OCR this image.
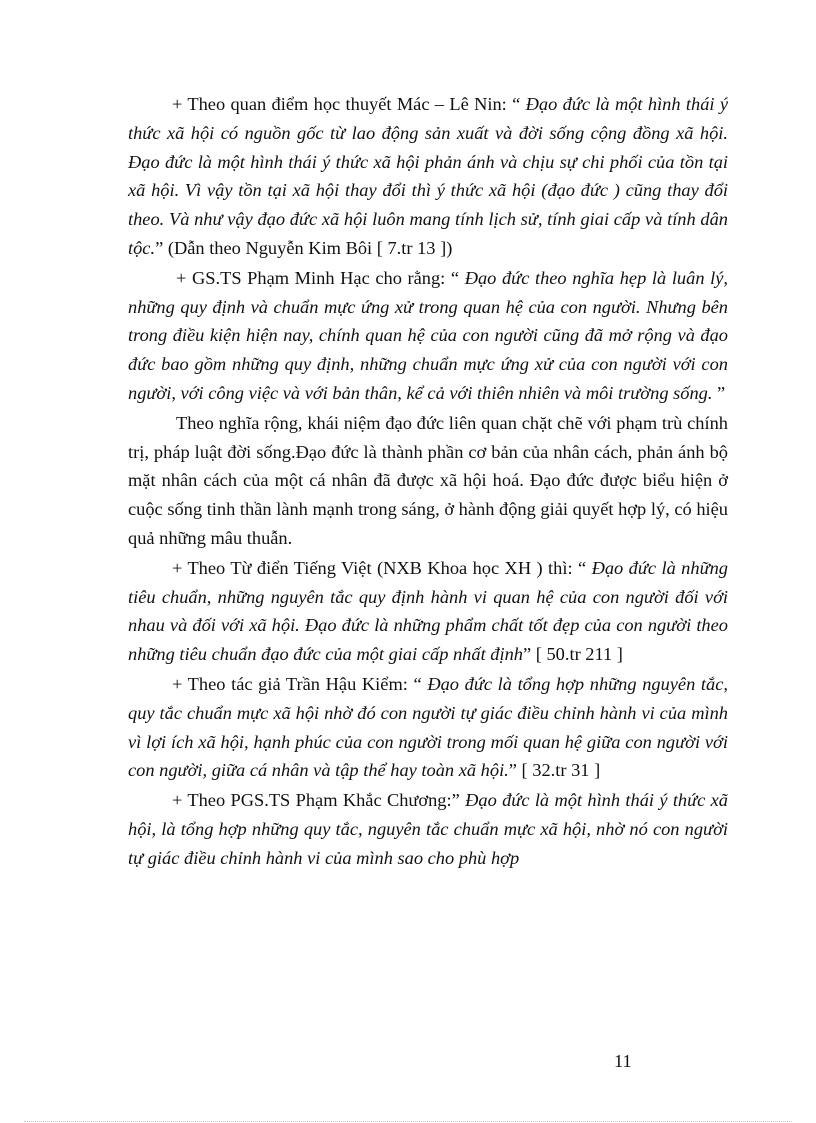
+ Theo quan điểm học thuyết Mác – Lê Nin: “ Đạo đức là một hình thái ý thức xã hội có nguồn gốc từ lao động sản xuất và đời sống cộng đồng xã hội. Đạo đức là một hình thái ý thức xã hội phản ánh và chịu sự chi phối của tồn tại xã hội. Vì vậy tồn tại xã hội thay đổi thì ý thức xã hội (đạo đức ) cũng thay đổi theo. Và như vậy đạo đức xã hội luôn mang tính lịch sử, tính giai cấp và tính dân tộc.” (Dẫn theo Nguyễn Kim Bôi [ 7.tr 13 ])

+ GS.TS Phạm Minh Hạc cho rằng: “ Đạo đức theo nghĩa hẹp là luân lý, những quy định và chuẩn mực ứng xử trong quan hệ của con người. Nhưng bên trong điều kiện hiện nay, chính quan hệ của con người cũng đã mở rộng và đạo đức bao gồm những quy định, những chuẩn mực ứng xử của con người với con người, với công việc và với bản thân, kể cả với thiên nhiên và môi trường sống. ”

Theo nghĩa rộng, khái niệm đạo đức liên quan chặt chẽ với phạm trù chính trị, pháp luật đời sống.Đạo đức là thành phần cơ bản của nhân cách, phản ánh bộ mặt nhân cách của một cá nhân đã được xã hội hoá. Đạo đức được biểu hiện ở cuộc sống tinh thần lành mạnh trong sáng, ở hành động giải quyết hợp lý, có hiệu quả những mâu thuẫn.

+ Theo Từ điển Tiếng Việt (NXB Khoa học XH ) thì: “ Đạo đức là những tiêu chuẩn, những nguyên tắc quy định hành vi quan hệ của con người đối với nhau và đối với xã hội. Đạo đức là những phẩm chất tốt đẹp của con người theo những tiêu chuẩn đạo đức của một giai cấp nhất định” [ 50.tr 211 ]

+ Theo tác giả Trần Hậu Kiểm: “ Đạo đức là tổng hợp những nguyên tắc, quy tắc chuẩn mực xã hội nhờ đó con người tự giác điều chỉnh hành vi của mình vì lợi ích xã hội, hạnh phúc của con người trong mối quan hệ giữa con người với con người, giữa cá nhân và tập thể hay toàn xã hội.” [ 32.tr 31 ]

+ Theo PGS.TS Phạm Khắc Chương:” Đạo đức là một hình thái ý thức xã hội, là tổng hợp những quy tắc, nguyên tắc chuẩn mực xã hội, nhờ nó con người tự giác điều chỉnh hành vi của mình sao cho phù hợp

11
